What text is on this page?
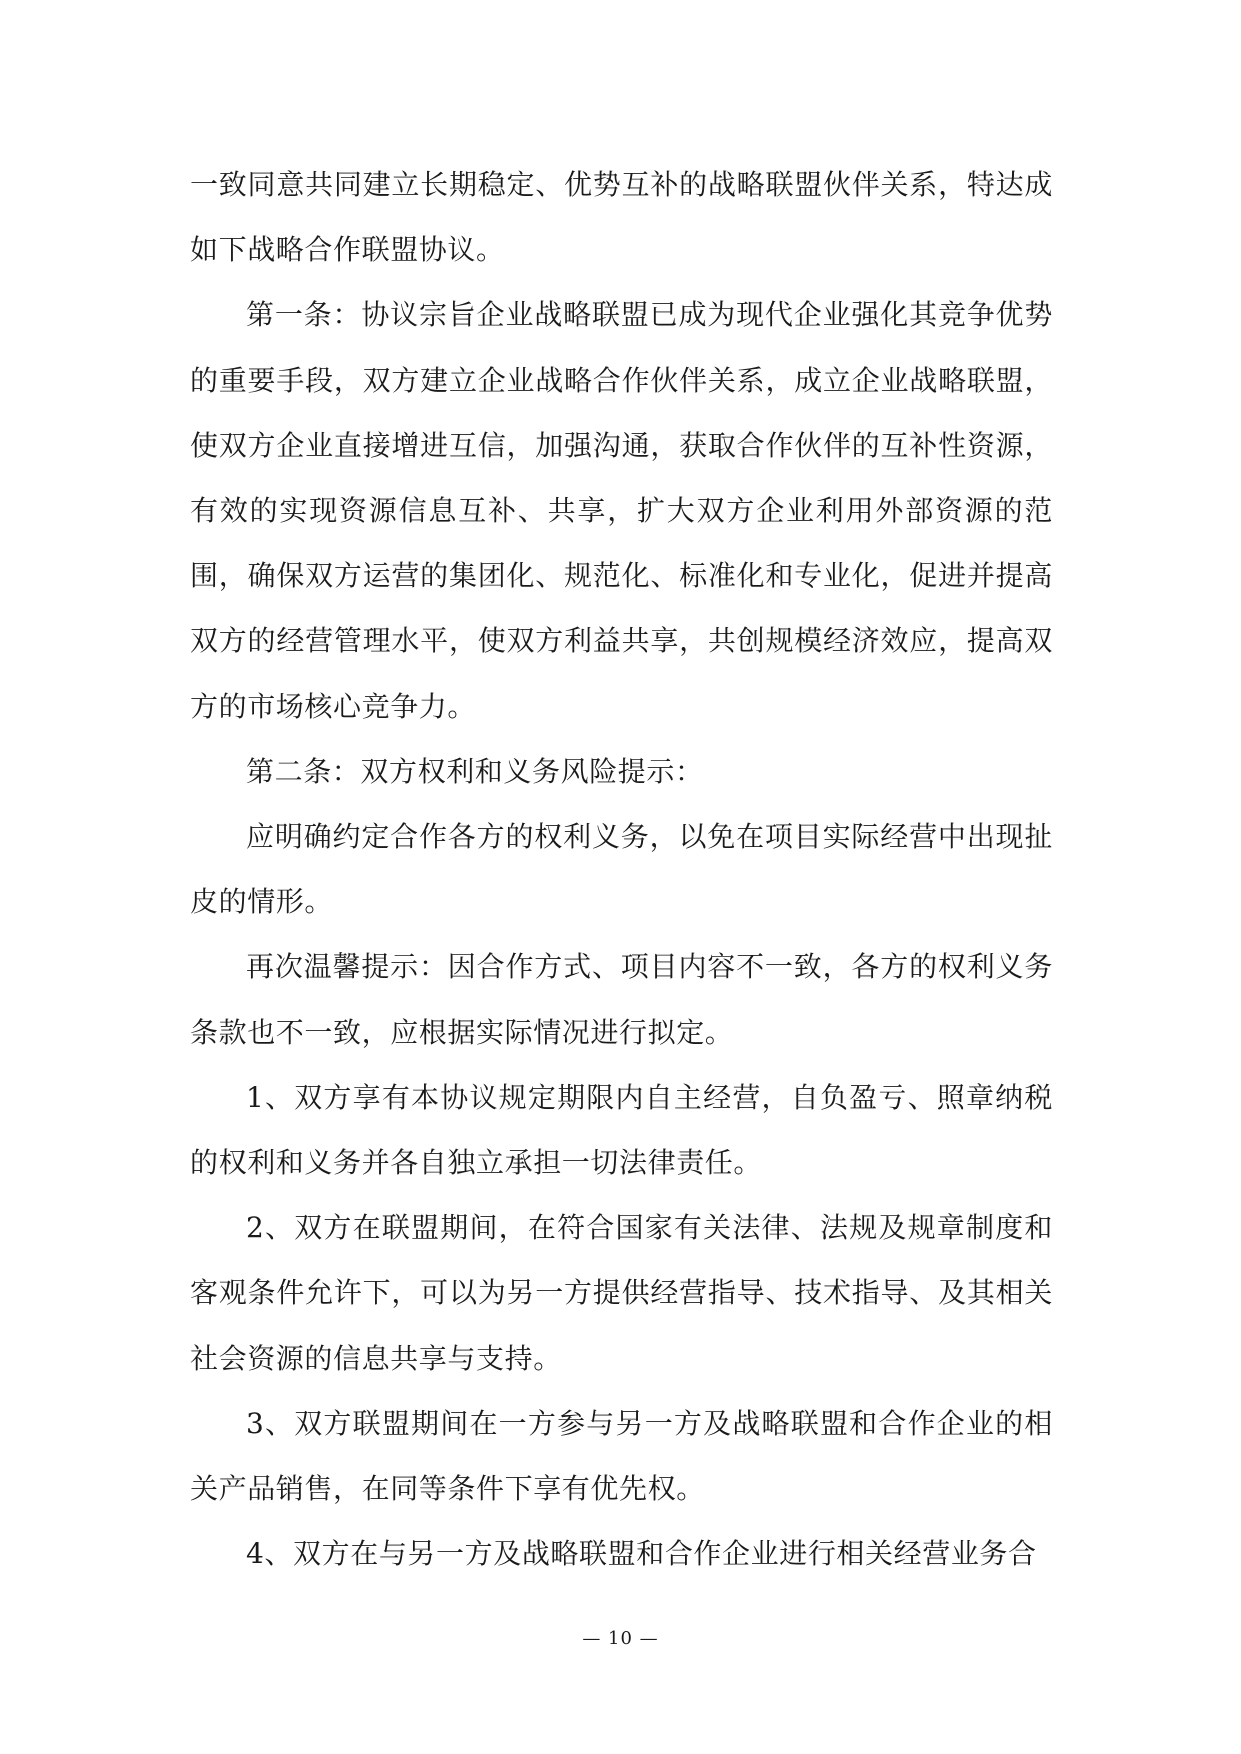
一致同意共同建立长期稳定、优势互补的战略联盟伙伴关系，特达成如下战略合作联盟协议。

第一条：协议宗旨企业战略联盟已成为现代企业强化其竞争优势的重要手段，双方建立企业战略合作伙伴关系，成立企业战略联盟，使双方企业直接增进互信，加强沟通，获取合作伙伴的互补性资源，有效的实现资源信息互补、共享，扩大双方企业利用外部资源的范围，确保双方运营的集团化、规范化、标准化和专业化，促进并提高双方的经营管理水平，使双方利益共享，共创规模经济效应，提高双方的市场核心竞争力。

第二条：双方权利和义务风险提示：

应明确约定合作各方的权利义务，以免在项目实际经营中出现扯皮的情形。

再次温馨提示：因合作方式、项目内容不一致，各方的权利义务条款也不一致，应根据实际情况进行拟定。

1、双方享有本协议规定期限内自主经营，自负盈亏、照章纳税的权利和义务并各自独立承担一切法律责任。

2、双方在联盟期间，在符合国家有关法律、法规及规章制度和客观条件允许下，可以为另一方提供经营指导、技术指导、及其相关社会资源的信息共享与支持。

3、双方联盟期间在一方参与另一方及战略联盟和合作企业的相关产品销售，在同等条件下享有优先权。

4、双方在与另一方及战略联盟和合作企业进行相关经营业务合

— 10 —
